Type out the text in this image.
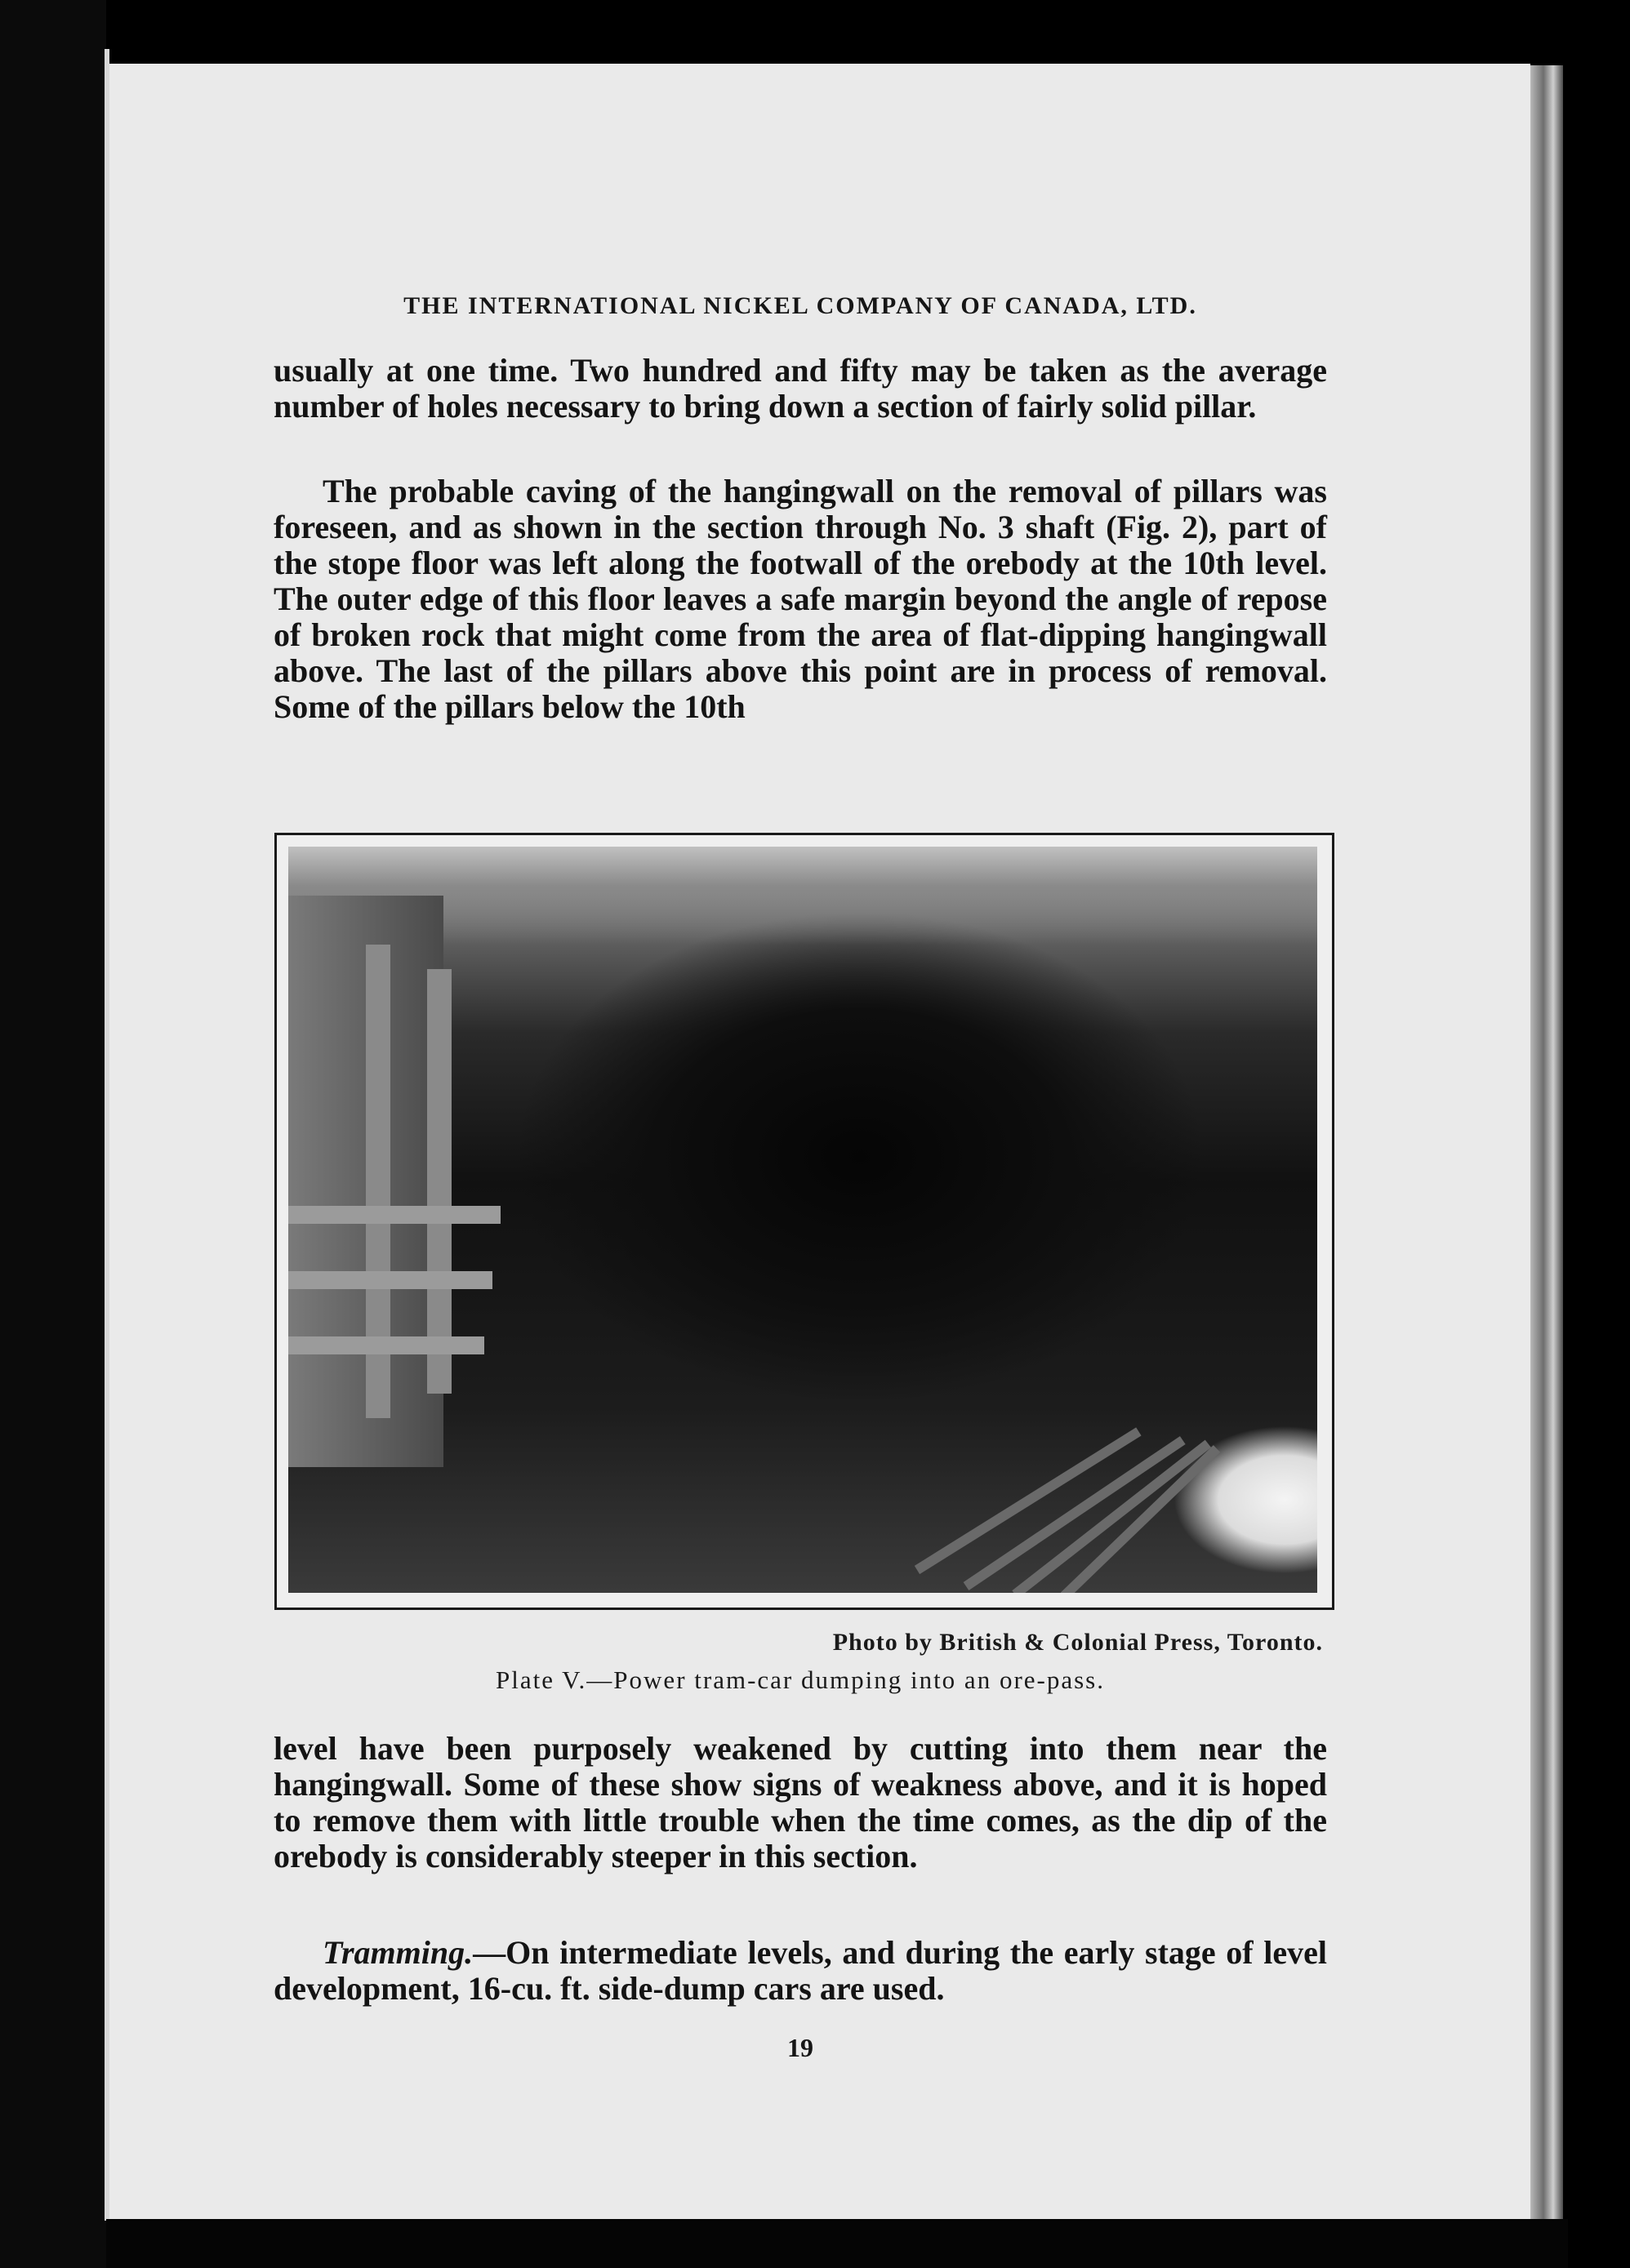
THE INTERNATIONAL NICKEL COMPANY OF CANADA, LTD.

usually at one time. Two hundred and fifty may be taken as the average number of holes necessary to bring down a section of fairly solid pillar.

The probable caving of the hangingwall on the removal of pillars was foreseen, and as shown in the section through No. 3 shaft (Fig. 2), part of the stope floor was left along the footwall of the orebody at the 10th level. The outer edge of this floor leaves a safe margin beyond the angle of repose of broken rock that might come from the area of flat-dipping hangingwall above. The last of the pillars above this point are in process of removal. Some of the pillars below the 10th

Photo by British & Colonial Press, Toronto.
Plate V.—Power tram-car dumping into an ore-pass.

level have been purposely weakened by cutting into them near the hangingwall. Some of these show signs of weakness above, and it is hoped to remove them with little trouble when the time comes, as the dip of the orebody is considerably steeper in this section.

Tramming.—On intermediate levels, and during the early stage of level development, 16-cu. ft. side-dump cars are used.

19
